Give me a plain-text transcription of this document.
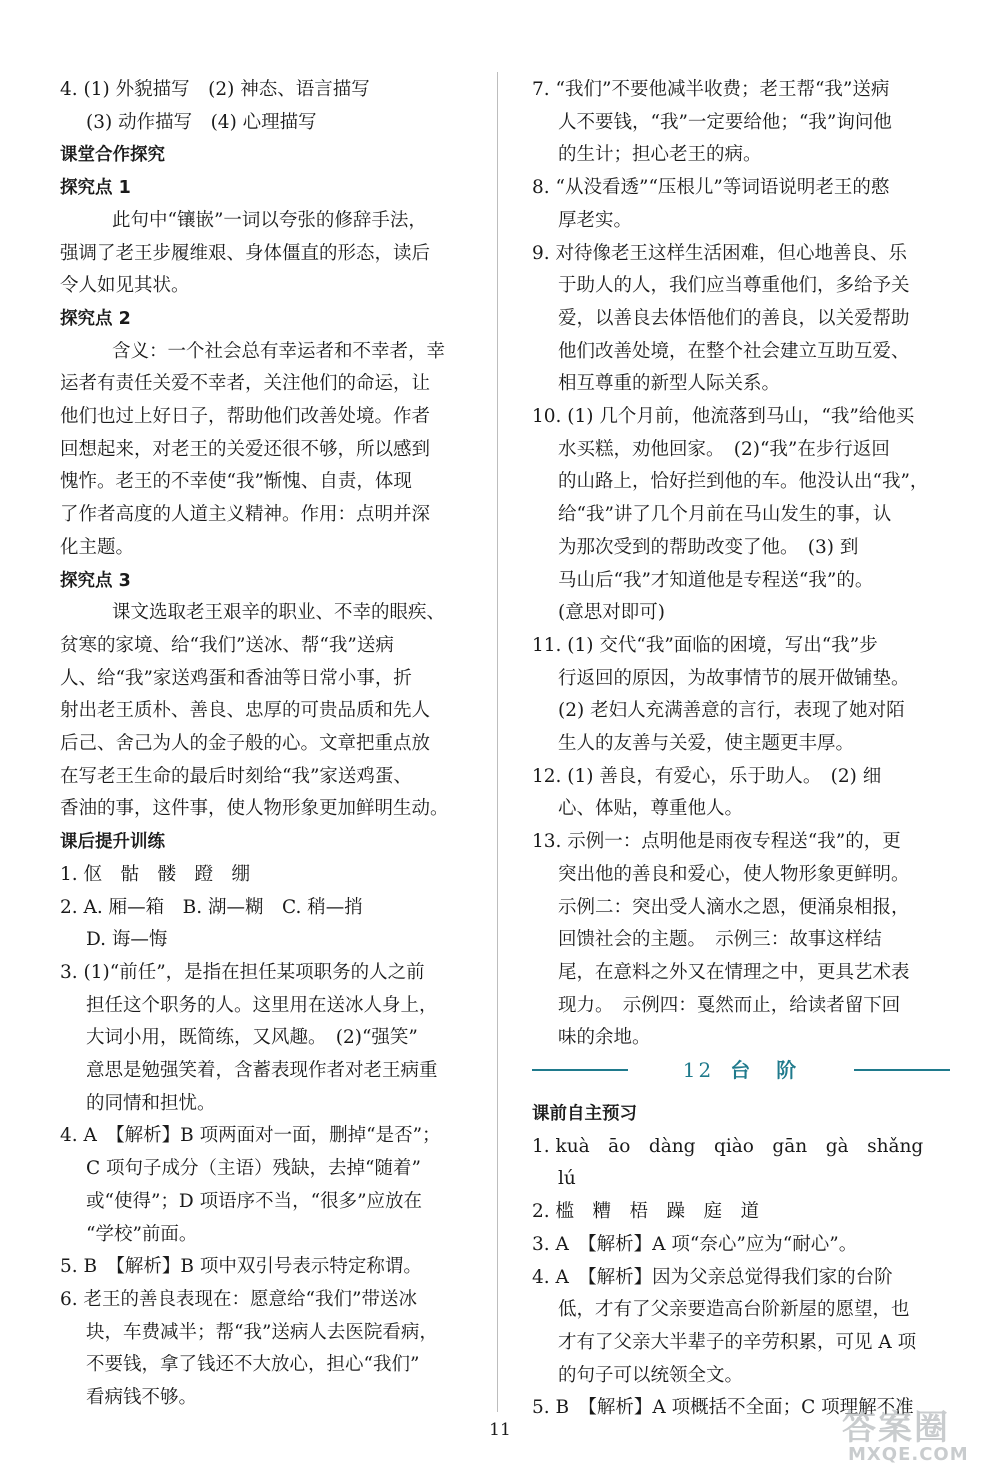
4. (1) 外貌描写　(2) 神态、语言描写
(3) 动作描写　(4) 心理描写
课堂合作探究
探究点 1
此句中“镶嵌”一词以夸张的修辞手法，
强调了老王步履维艰、身体僵直的形态，读后
令人如见其状。
探究点 2
含义：一个社会总有幸运者和不幸者，幸
运者有责任关爱不幸者，关注他们的命运，让
他们也过上好日子，帮助他们改善处境。作者
回想起来，对老王的关爱还很不够，所以感到
愧怍。老王的不幸使“我”惭愧、自责，体现
了作者高度的人道主义精神。作用：点明并深
化主题。
探究点 3
课文选取老王艰辛的职业、不幸的眼疾、
贫寒的家境、给“我们”送冰、帮“我”送病
人、给“我”家送鸡蛋和香油等日常小事，折
射出老王质朴、善良、忠厚的可贵品质和先人
后己、舍己为人的金子般的心。文章把重点放
在写老王生命的最后时刻给“我”家送鸡蛋、
香油的事，这件事，使人物形象更加鲜明生动。
课后提升训练
1. 伛　骷　髅　蹬　绷
2. A. 厢—箱　B. 湖—糊　C. 稍—捎
D. 诲—悔
3. (1)“前任”，是指在担任某项职务的人之前
担任这个职务的人。这里用在送冰人身上，
大词小用，既简练，又风趣。　(2)“强笑”
意思是勉强笑着，含蓄表现作者对老王病重
的同情和担忧。
4. A　【解析】B 项两面对一面，删掉“是否”；
C 项句子成分（主语）残缺，去掉“随着”
或“使得”；D 项语序不当，“很多”应放在
“学校”前面。
5. B　【解析】B 项中双引号表示特定称谓。
6. 老王的善良表现在：愿意给“我们”带送冰
块，车费减半；帮“我”送病人去医院看病，
不要钱，拿了钱还不大放心，担心“我们”
看病钱不够。
7. “我们”不要他减半收费；老王帮“我”送病
人不要钱，“我”一定要给他；“我”询问他
的生计；担心老王的病。
8. “从没看透”“压根儿”等词语说明老王的憨
厚老实。
9. 对待像老王这样生活困难，但心地善良、乐
于助人的人，我们应当尊重他们，多给予关
爱，以善良去体悟他们的善良，以关爱帮助
他们改善处境，在整个社会建立互助互爱、
相互尊重的新型人际关系。
10. (1) 几个月前，他流落到马山，“我”给他买
水买糕，劝他回家。　(2)“我”在步行返回
的山路上，恰好拦到他的车。他没认出“我”，
给“我”讲了几个月前在马山发生的事，认
为那次受到的帮助改变了他。　(3) 到
马山后“我”才知道他是专程送“我”的。
(意思对即可)
11. (1) 交代“我”面临的困境，写出“我”步
行返回的原因，为故事情节的展开做铺垫。
(2) 老妇人充满善意的言行，表现了她对陌
生人的友善与关爱，使主题更丰厚。
12. (1) 善良，有爱心，乐于助人。　(2) 细
心、体贴，尊重他人。
13. 示例一：点明他是雨夜专程送“我”的，更
突出他的善良和爱心，使人物形象更鲜明。
示例二：突出受人滴水之恩，便涌泉相报，
回馈社会的主题。　示例三：故事这样结
尾，在意料之外又在情理之中，更具艺术表
现力。　示例四：戛然而止，给读者留下回
味的余地。
课前自主预习
1. kuà　āo　dàng　qiào　gān　gà　shǎng
lú
2. 槛　糟　梧　躁　庭　道
3. A　【解析】A 项“奈心”应为“耐心”。
4. A　【解析】因为父亲总觉得我们家的台阶
低，才有了父亲要造高台阶新屋的愿望，也
才有了父亲大半辈子的辛劳积累，可见 A 项
的句子可以统领全文。
5. B　【解析】A 项概括不全面；C 项理解不准
12 台　阶
11	答案圈
MXQE.COM
